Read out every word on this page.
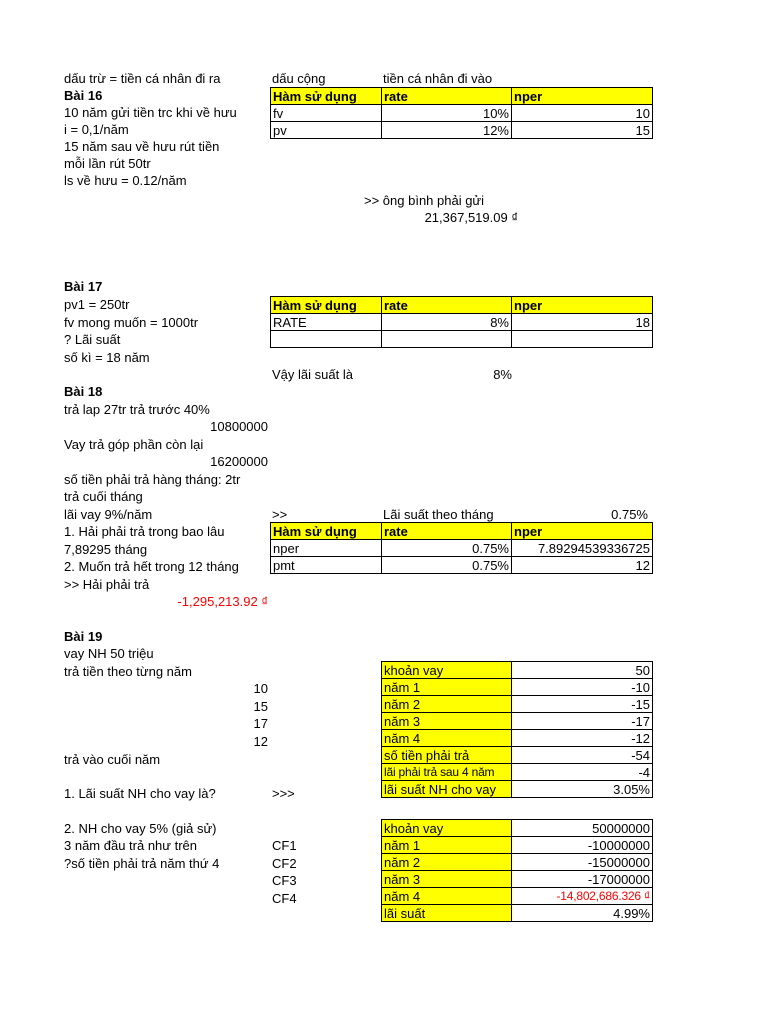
dấu trừ = tiền cá nhân đi ra	dấu cộng	tiền cá nhân đi vào
Bài 16
10 năm gửi tiền trc khi về hưu
i = 0,1/năm
15 năm sau về hưu rút tiền
mỗi lần rút 50tr
ls về hưu = 0.12/năm
Hàm sử dụng	rate	nper
fv	10%	10
pv	12%	15
>> ông bình phải gửi
21,367,519.09 ₫
Bài 17
pv1 = 250tr
fv mong muốn = 1000tr
? Lãi suất
số kì = 18 năm
Hàm sử dụng	rate	nper
RATE	8%	18

Vậy lãi suất là	8%
Bài 18
trả lap 27tr trả trước 40%
10800000
Vay trả góp phần còn lại
16200000
số tiền phải trả hàng tháng: 2tr
trả cuối tháng
lãi vay 9%/năm
1. Hải phải trả trong bao lâu
7,89295 tháng
2. Muốn trả hết trong 12 tháng
>> Hải phải trả
-1,295,213.92 ₫
>>	Lãi suất theo tháng	0.75%
Hàm sử dụng	rate	nper
nper	0.75%	7.89294539336725
pmt	0.75%	12
Bài 19
vay NH 50 triệu
trả tiền theo từng năm
10
15
17
12
trả vào cuối năm
1. Lãi suất NH cho vay là?	>>>
khoản vay	50
năm 1	-10
năm 2	-15
năm 3	-17
năm 4	-12
số tiền phải trả	-54
lãi phải trả sau 4 năm	-4
lãi suất NH cho vay	3.05%
2. NH cho vay 5% (giả sử)
3 năm đầu trả như trên
?số tiền phải trả năm thứ 4
CF1
CF2
CF3
CF4
khoản vay	50000000
năm 1	-10000000
năm 2	-15000000
năm 3	-17000000
năm 4	-14,802,686.326 ₫
lãi suất	4.99%
